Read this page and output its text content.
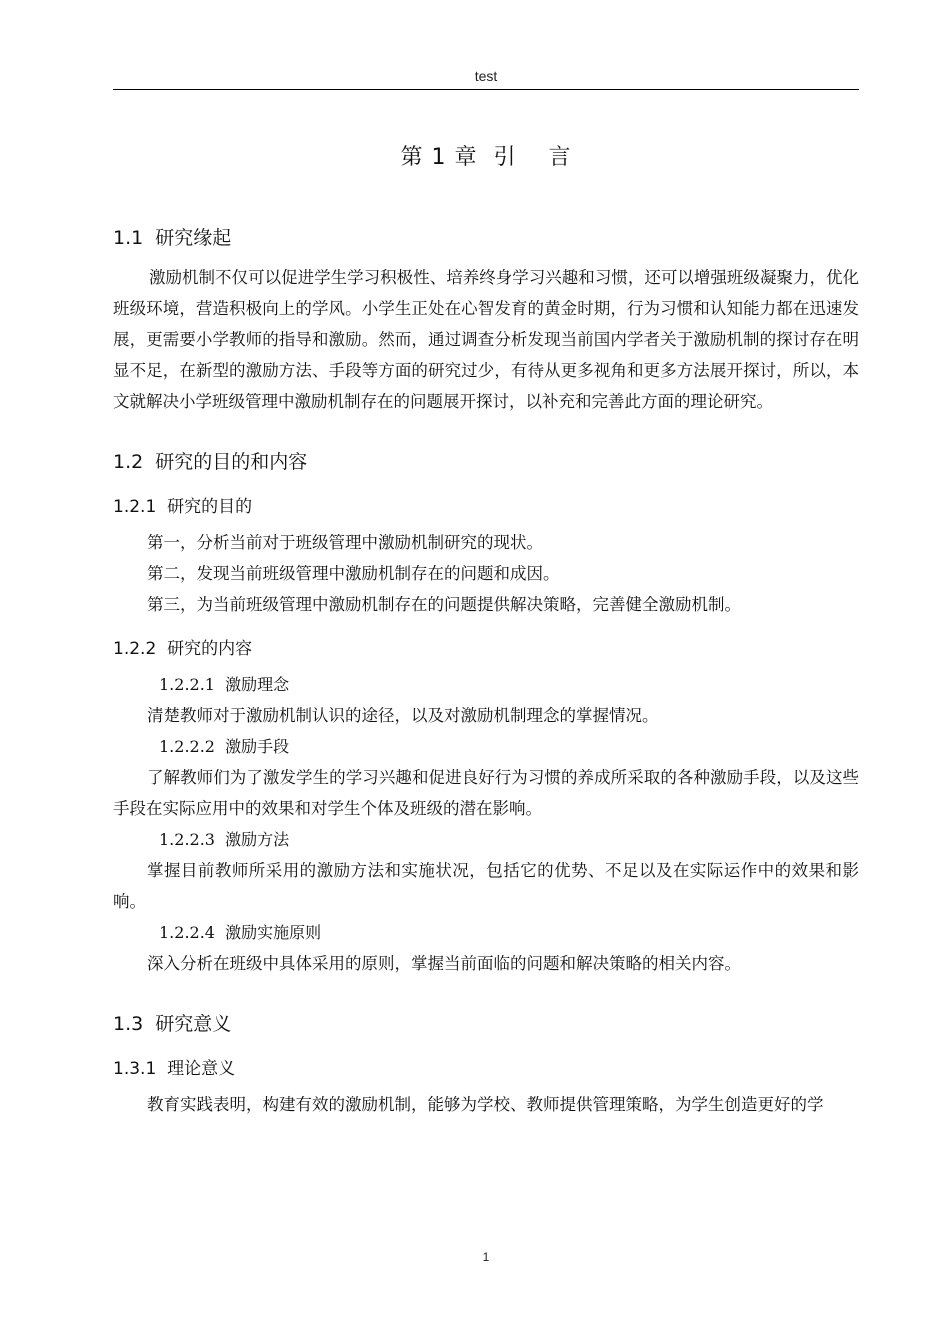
test
第 1 章  引    言
1.1  研究缘起

激励机制不仅可以促进学生学习积极性、培养终身学习兴趣和习惯，还可以增强班级凝聚力，优化班级环境，营造积极向上的学风。小学生正处在心智发育的黄金时期，行为习惯和认知能力都在迅速发展，更需要小学教师的指导和激励。然而，通过调查分析发现当前国内学者关于激励机制的探讨存在明显不足，在新型的激励方法、手段等方面的研究过少，有待从更多视角和更多方法展开探讨，所以，本文就解决小学班级管理中激励机制存在的问题展开探讨，以补充和完善此方面的理论研究。

1.2  研究的目的和内容
1.2.1  研究的目的

第一，分析当前对于班级管理中激励机制研究的现状。

第二，发现当前班级管理中激励机制存在的问题和成因。

第三，为当前班级管理中激励机制存在的问题提供解决策略，完善健全激励机制。

1.2.2  研究的内容
1.2.2.1  激励理念

清楚教师对于激励机制认识的途径，以及对激励机制理念的掌握情况。

1.2.2.2  激励手段

了解教师们为了激发学生的学习兴趣和促进良好行为习惯的养成所采取的各种激励手段，以及这些手段在实际应用中的效果和对学生个体及班级的潜在影响。

1.2.2.3  激励方法

掌握目前教师所采用的激励方法和实施状况，包括它的优势、不足以及在实际运作中的效果和影响。

1.2.2.4  激励实施原则

深入分析在班级中具体采用的原则，掌握当前面临的问题和解决策略的相关内容。

1.3  研究意义
1.3.1  理论意义

教育实践表明，构建有效的激励机制，能够为学校、教师提供管理策略，为学生创造更好的学

1
